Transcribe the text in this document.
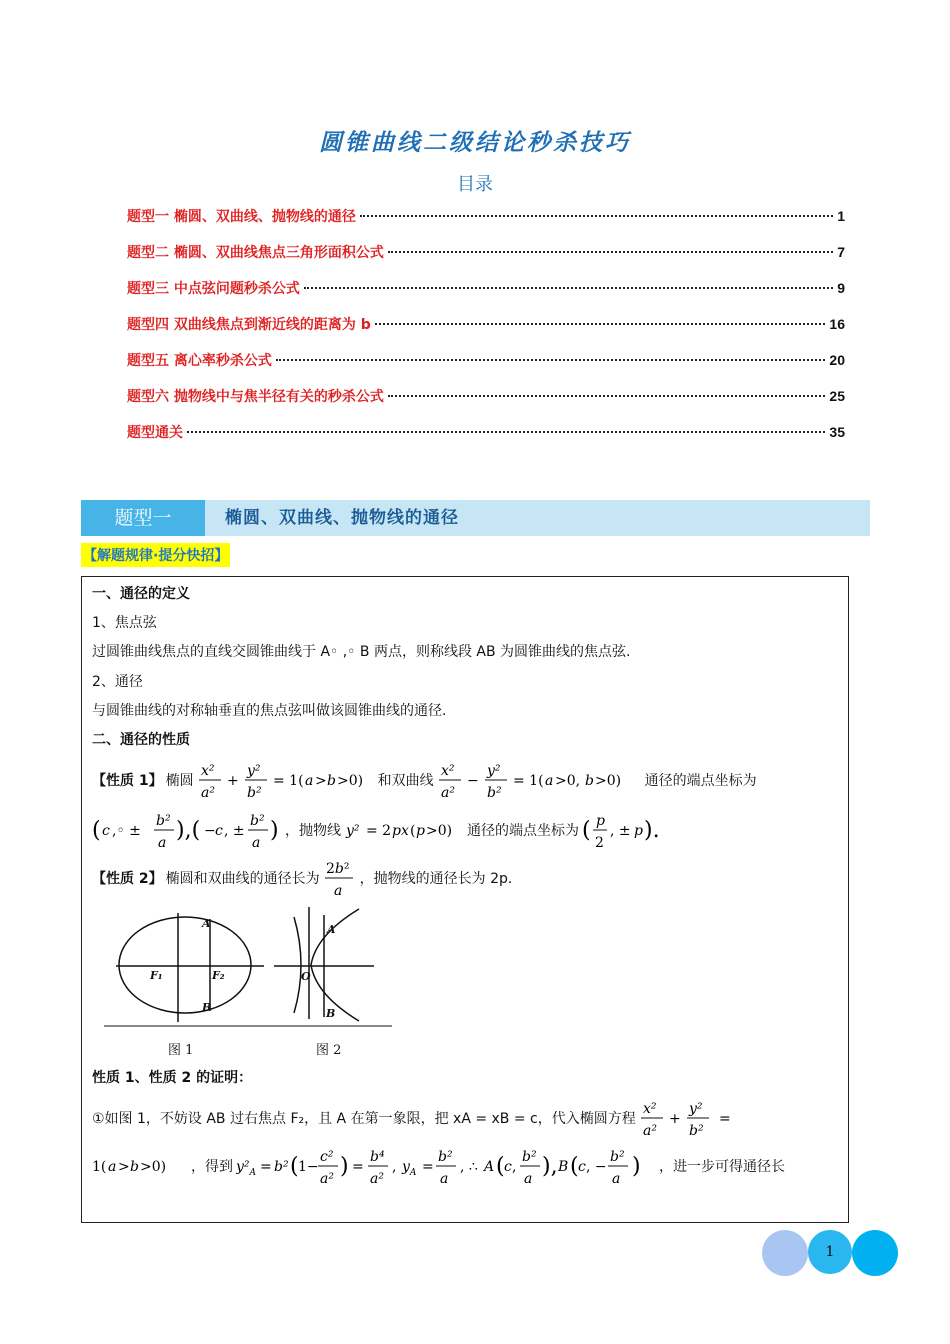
圆锥曲线二级结论秒杀技巧
目录
题型一 椭圆、双曲线、抛物线的通径	1
题型二 椭圆、双曲线焦点三角形面积公式	7
题型三 中点弦问题秒杀公式	9
题型四 双曲线焦点到渐近线的距离为 b	16
题型五 离心率秒杀公式	20
题型六 抛物线中与焦半径有关的秒杀公式	25
题型通关	35
题型一	椭圆、双曲线、抛物线的通径
【解题规律·提分快招】
一、通径的定义
1、焦点弦
过圆锥曲线焦点的直线交圆锥曲线于 A◦ ,◦ B 两点，则称线段 AB 为圆锥曲线的焦点弦.
2、通径
与圆锥曲线的对称轴垂直的焦点弦叫做该圆锥曲线的通径.
二、通径的性质
【性质 1】 椭圆
x²
a²
+
y²
b²
= 1( a > b >0) 和双曲线
x²
a²
−
y²
b²
= 1( a >0, b >0) 通径的端点坐标为
( c ,◦ ±
b²
a ),( − c , ±
b²
a ) ，抛物线 y² = 2 px ( p >0) 通径的端点坐标为 ( p
2
, ± p ).
【性质 2】 椭圆和双曲线的通径长为
2b²
a
，抛物线的通径长为 2p.
A
B
F₁	F₂	O
A
B
图 1	图 2
性质 1、性质 2 的证明：
①如图 1，不妨设 AB 过右焦点 F₂，且 A 在第一象限，把 xA = xB = c，代入椭圆方程
x²
a²
+
y²
b²
=
1( a > b >0) ，得到 $y^2_A = b^2$ ( 1−
c²
a² ) =
b⁴
a²
, $y_A$ =
b²
a
, ∴ A ( c ,
b²
a ), B ( c , −
b²
a ) ，进一步可得通径长
1
